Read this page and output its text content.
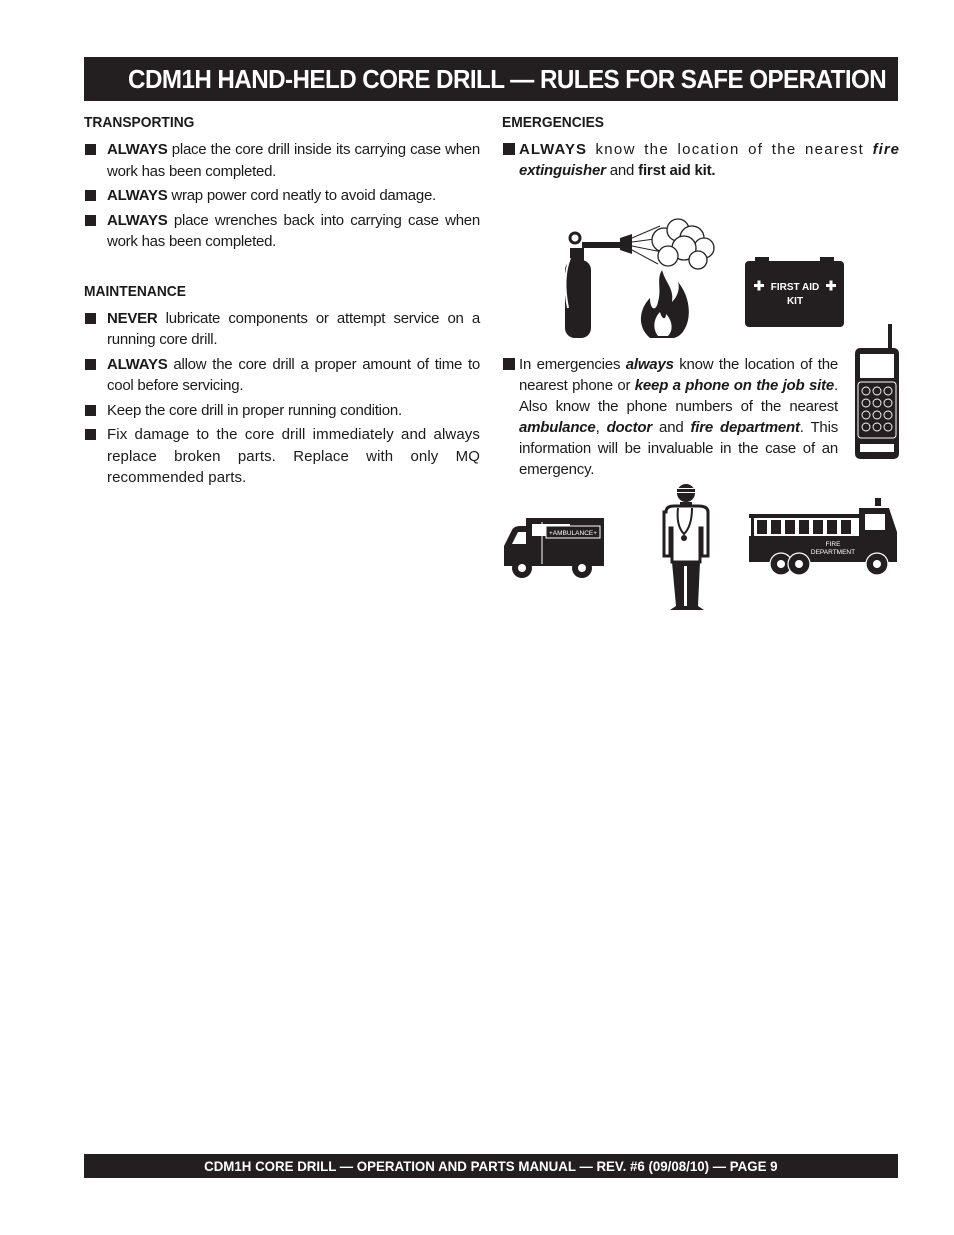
CDM1H HAND-HELD CORE DRILL — RULES FOR SAFE OPERATION
TRANSPORTING
ALWAYS place the core drill inside its carrying case when work has been completed.
ALWAYS wrap power cord neatly to avoid damage.
ALWAYS place wrenches back into carrying case when work has been completed.
MAINTENANCE
NEVER lubricate components or attempt service on a running core drill.
ALWAYS allow the core drill a proper amount of time to cool before servicing.
Keep the core drill in proper running condition.
Fix damage to the core drill immediately and always replace broken parts. Replace with only MQ recommended parts.
EMERGENCIES
ALWAYS know the location of the nearest fire extinguisher and first aid kit.
FIRST AID
KIT
In emergencies always know the location of the nearest phone or keep a phone on the job site. Also know the phone numbers of the nearest ambulance, doctor and fire department. This information will be invaluable in the case of an emergency.
+AMBULANCE+
FIRE
DEPARTMENT
CDM1H CORE DRILL — OPERATION AND PARTS MANUAL — REV. #6 (09/08/10) — PAGE 9
